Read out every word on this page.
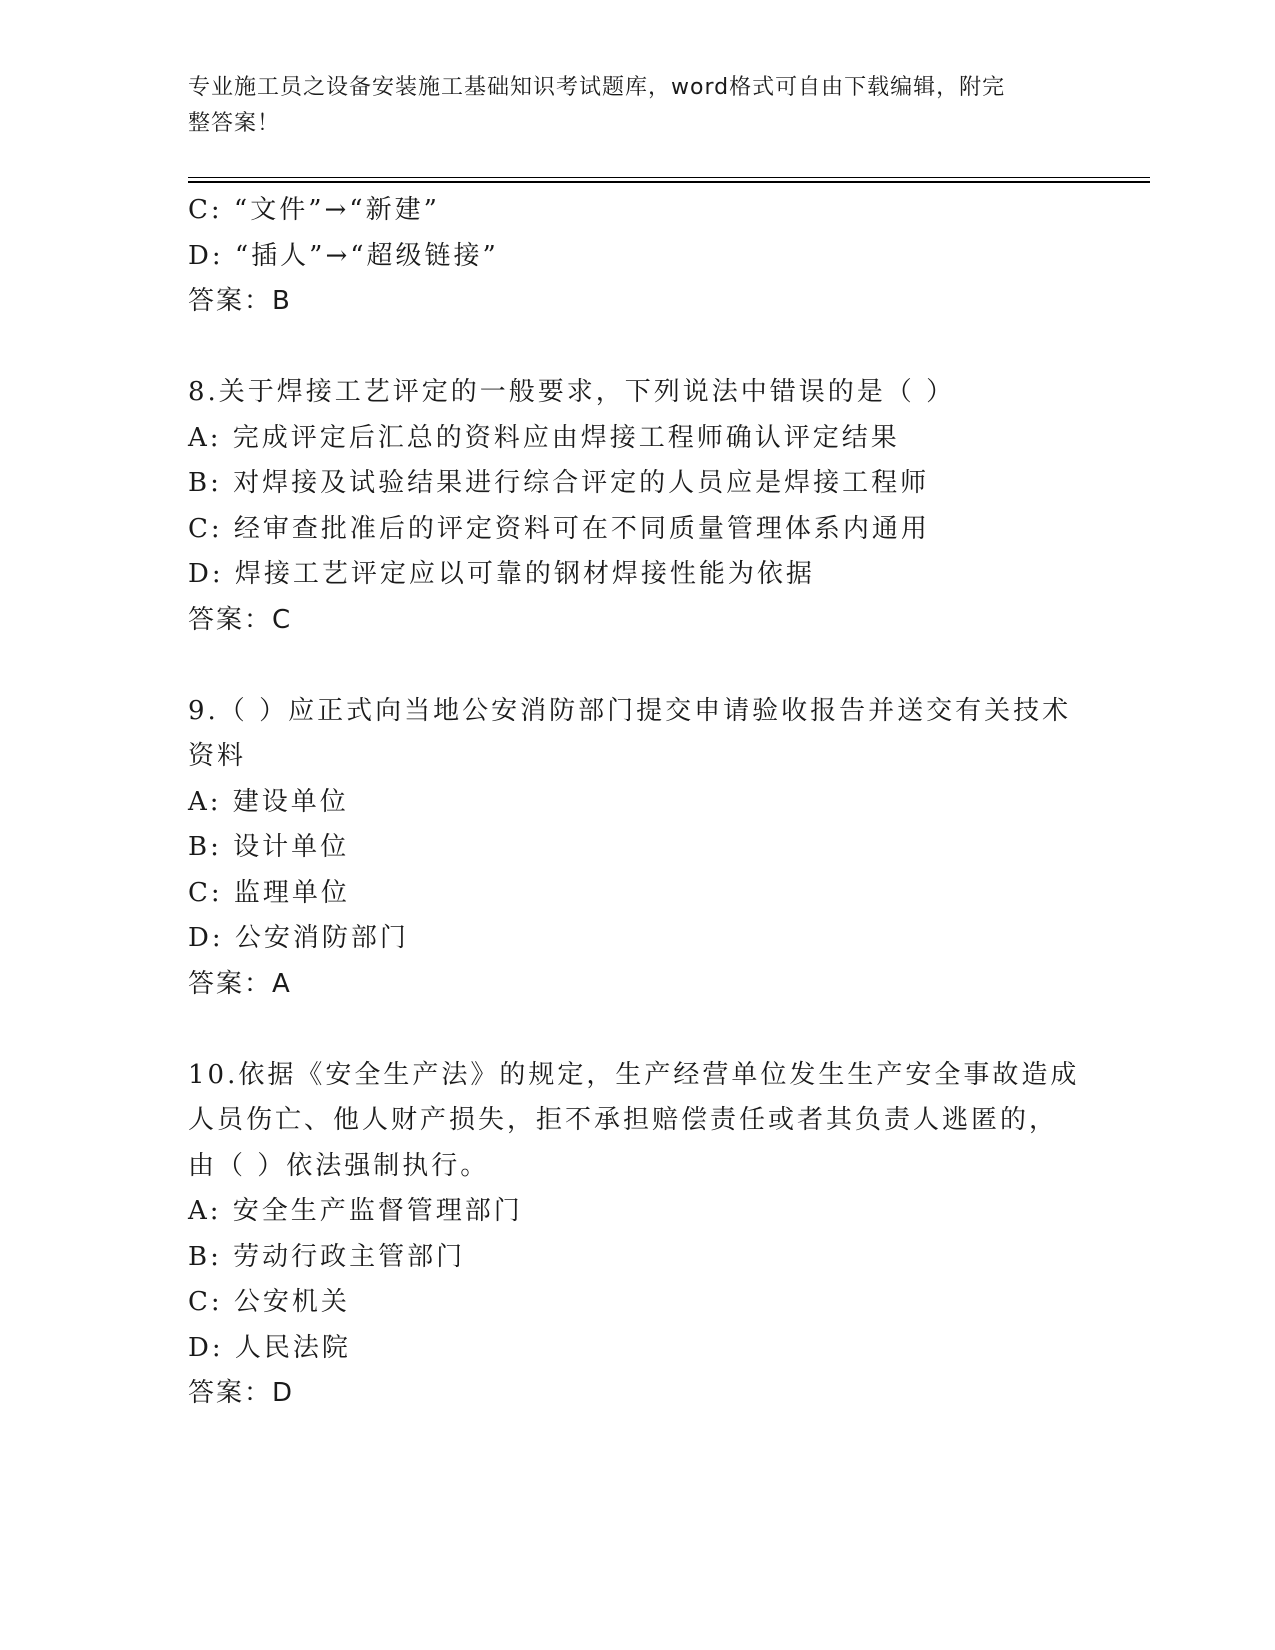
专业施工员之设备安装施工基础知识考试题库，word格式可自由下载编辑，附完
整答案！
C: “文件”→“新建”
D: “插人”→“超级链接”
答案：B
8.关于焊接工艺评定的一般要求，下列说法中错误的是（ ）
A: 完成评定后汇总的资料应由焊接工程师确认评定结果
B: 对焊接及试验结果进行综合评定的人员应是焊接工程师
C: 经审查批准后的评定资料可在不同质量管理体系内通用
D: 焊接工艺评定应以可靠的钢材焊接性能为依据
答案：C
9.（ ）应正式向当地公安消防部门提交申请验收报告并送交有关技术
资料
A: 建设单位
B: 设计单位
C: 监理单位
D: 公安消防部门
答案：A
10.依据《安全生产法》的规定，生产经营单位发生生产安全事故造成
人员伤亡、他人财产损失，拒不承担赔偿责任或者其负责人逃匿的，
由（ ）依法强制执行。
A: 安全生产监督管理部门
B: 劳动行政主管部门
C: 公安机关
D: 人民法院
答案：D
